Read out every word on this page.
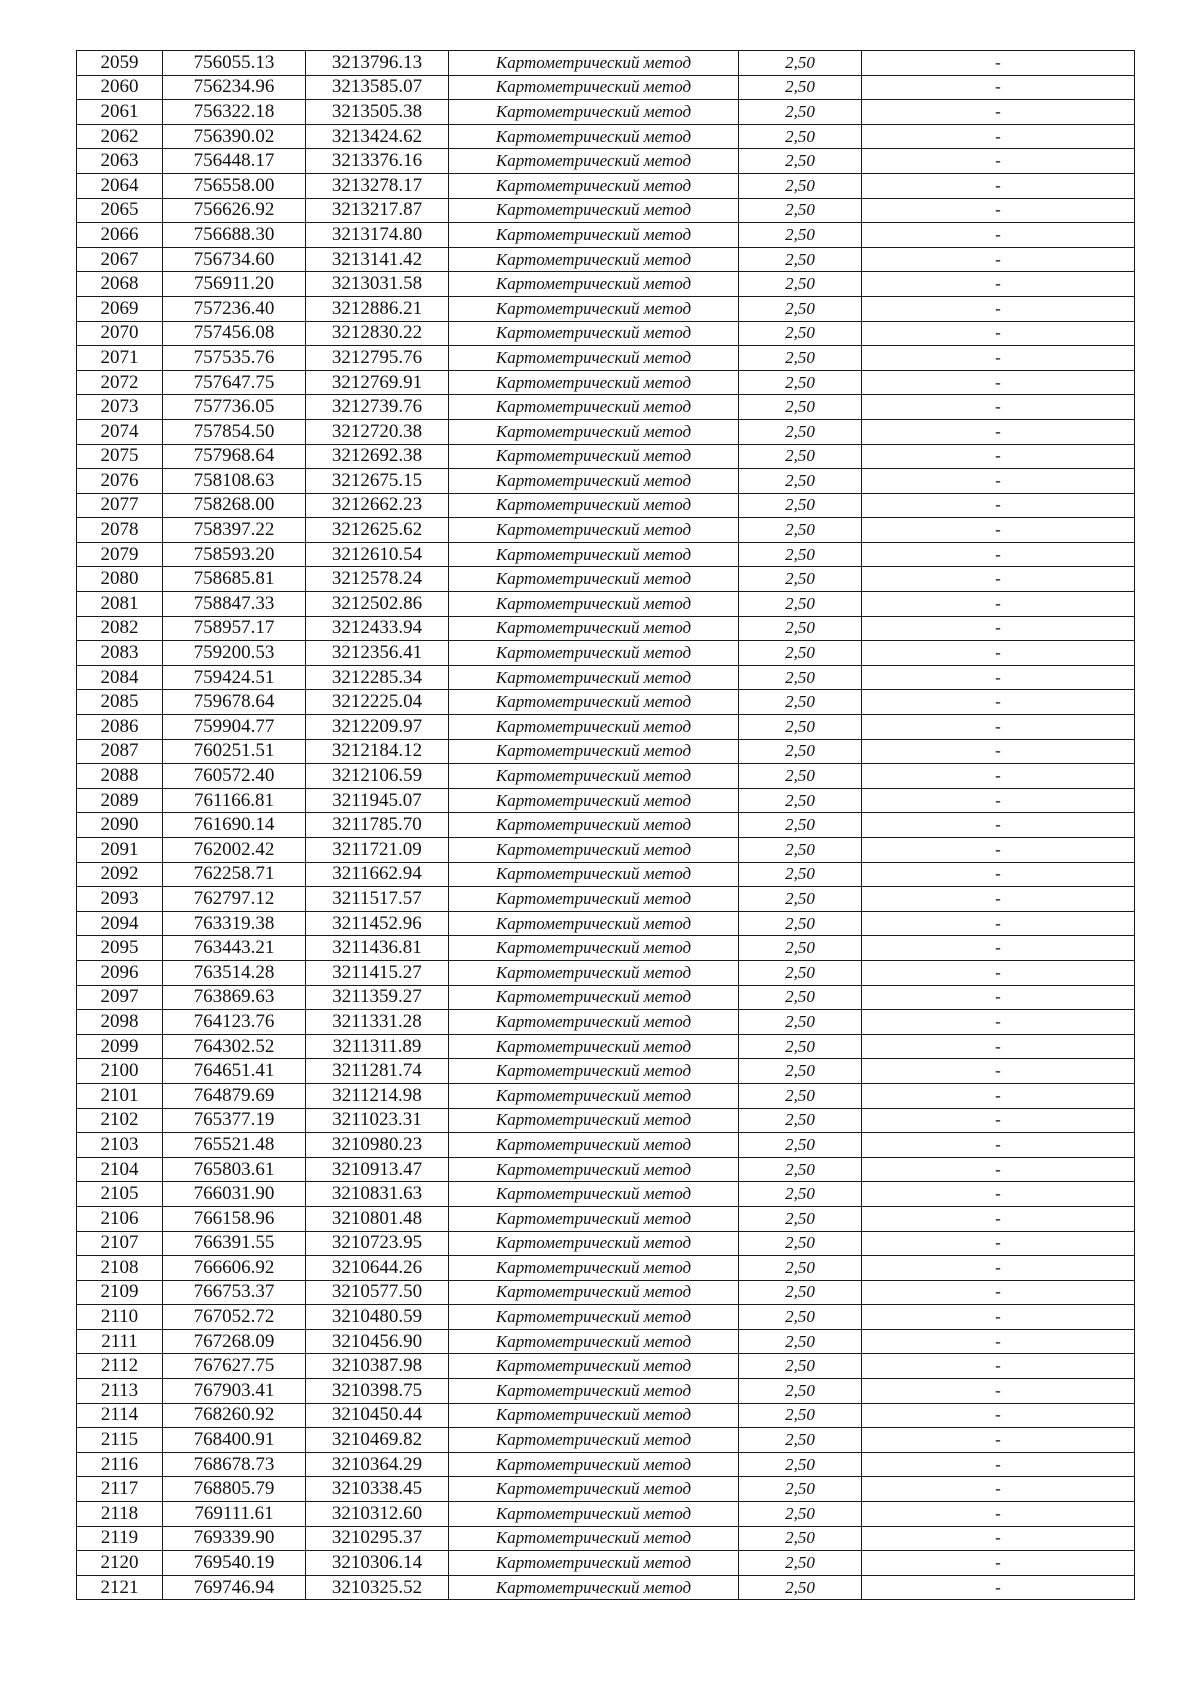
2059	756055.13	3213796.13	Картометрический метод	2,50	-
2060	756234.96	3213585.07	Картометрический метод	2,50	-
2061	756322.18	3213505.38	Картометрический метод	2,50	-
2062	756390.02	3213424.62	Картометрический метод	2,50	-
2063	756448.17	3213376.16	Картометрический метод	2,50	-
2064	756558.00	3213278.17	Картометрический метод	2,50	-
2065	756626.92	3213217.87	Картометрический метод	2,50	-
2066	756688.30	3213174.80	Картометрический метод	2,50	-
2067	756734.60	3213141.42	Картометрический метод	2,50	-
2068	756911.20	3213031.58	Картометрический метод	2,50	-
2069	757236.40	3212886.21	Картометрический метод	2,50	-
2070	757456.08	3212830.22	Картометрический метод	2,50	-
2071	757535.76	3212795.76	Картометрический метод	2,50	-
2072	757647.75	3212769.91	Картометрический метод	2,50	-
2073	757736.05	3212739.76	Картометрический метод	2,50	-
2074	757854.50	3212720.38	Картометрический метод	2,50	-
2075	757968.64	3212692.38	Картометрический метод	2,50	-
2076	758108.63	3212675.15	Картометрический метод	2,50	-
2077	758268.00	3212662.23	Картометрический метод	2,50	-
2078	758397.22	3212625.62	Картометрический метод	2,50	-
2079	758593.20	3212610.54	Картометрический метод	2,50	-
2080	758685.81	3212578.24	Картометрический метод	2,50	-
2081	758847.33	3212502.86	Картометрический метод	2,50	-
2082	758957.17	3212433.94	Картометрический метод	2,50	-
2083	759200.53	3212356.41	Картометрический метод	2,50	-
2084	759424.51	3212285.34	Картометрический метод	2,50	-
2085	759678.64	3212225.04	Картометрический метод	2,50	-
2086	759904.77	3212209.97	Картометрический метод	2,50	-
2087	760251.51	3212184.12	Картометрический метод	2,50	-
2088	760572.40	3212106.59	Картометрический метод	2,50	-
2089	761166.81	3211945.07	Картометрический метод	2,50	-
2090	761690.14	3211785.70	Картометрический метод	2,50	-
2091	762002.42	3211721.09	Картометрический метод	2,50	-
2092	762258.71	3211662.94	Картометрический метод	2,50	-
2093	762797.12	3211517.57	Картометрический метод	2,50	-
2094	763319.38	3211452.96	Картометрический метод	2,50	-
2095	763443.21	3211436.81	Картометрический метод	2,50	-
2096	763514.28	3211415.27	Картометрический метод	2,50	-
2097	763869.63	3211359.27	Картометрический метод	2,50	-
2098	764123.76	3211331.28	Картометрический метод	2,50	-
2099	764302.52	3211311.89	Картометрический метод	2,50	-
2100	764651.41	3211281.74	Картометрический метод	2,50	-
2101	764879.69	3211214.98	Картометрический метод	2,50	-
2102	765377.19	3211023.31	Картометрический метод	2,50	-
2103	765521.48	3210980.23	Картометрический метод	2,50	-
2104	765803.61	3210913.47	Картометрический метод	2,50	-
2105	766031.90	3210831.63	Картометрический метод	2,50	-
2106	766158.96	3210801.48	Картометрический метод	2,50	-
2107	766391.55	3210723.95	Картометрический метод	2,50	-
2108	766606.92	3210644.26	Картометрический метод	2,50	-
2109	766753.37	3210577.50	Картометрический метод	2,50	-
2110	767052.72	3210480.59	Картометрический метод	2,50	-
2111	767268.09	3210456.90	Картометрический метод	2,50	-
2112	767627.75	3210387.98	Картометрический метод	2,50	-
2113	767903.41	3210398.75	Картометрический метод	2,50	-
2114	768260.92	3210450.44	Картометрический метод	2,50	-
2115	768400.91	3210469.82	Картометрический метод	2,50	-
2116	768678.73	3210364.29	Картометрический метод	2,50	-
2117	768805.79	3210338.45	Картометрический метод	2,50	-
2118	769111.61	3210312.60	Картометрический метод	2,50	-
2119	769339.90	3210295.37	Картометрический метод	2,50	-
2120	769540.19	3210306.14	Картометрический метод	2,50	-
2121	769746.94	3210325.52	Картометрический метод	2,50	-
